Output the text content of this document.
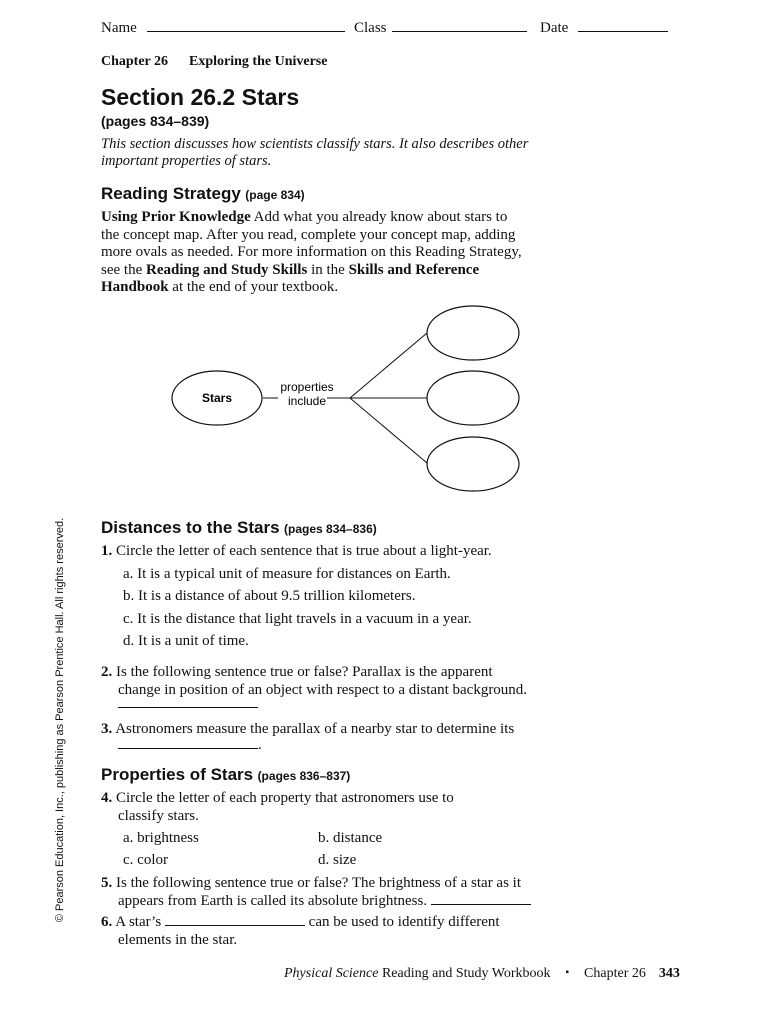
Name	Class	Date
Chapter 26 Exploring the Universe
Section 26.2 Stars
(pages 834–839)
This section discusses how scientists classify stars. It also describes other
important properties of stars.
Reading Strategy (page 834)
Using Prior Knowledge Add what you already know about stars to
the concept map. After you read, complete your concept map, adding
more ovals as needed. For more information on this Reading Strategy,
see the Reading and Study Skills in the Skills and Reference
Handbook at the end of your textbook.
Stars
properties
include
Distances to the Stars (pages 834–836)
1. Circle the letter of each sentence that is true about a light-year.
a. It is a typical unit of measure for distances on Earth.
b. It is a distance of about 9.5 trillion kilometers.
c. It is the distance that light travels in a vacuum in a year.
d. It is a unit of time.
2. Is the following sentence true or false? Parallax is the apparent
change in position of an object with respect to a distant background.
3. Astronomers measure the parallax of a nearby star to determine its
.
Properties of Stars (pages 836–837)
4. Circle the letter of each property that astronomers use to
classify stars.
a. brightness	b. distance
c. color	d. size
5. Is the following sentence true or false? The brightness of a star as it
appears from Earth is called its absolute brightness.
6. A star’s	can be used to identify different
elements in the star.
Physical Science Reading and Study Workbook ▪ Chapter 26 343
© Pearson Education, Inc., publishing as Pearson Prentice Hall. All rights reserved.
